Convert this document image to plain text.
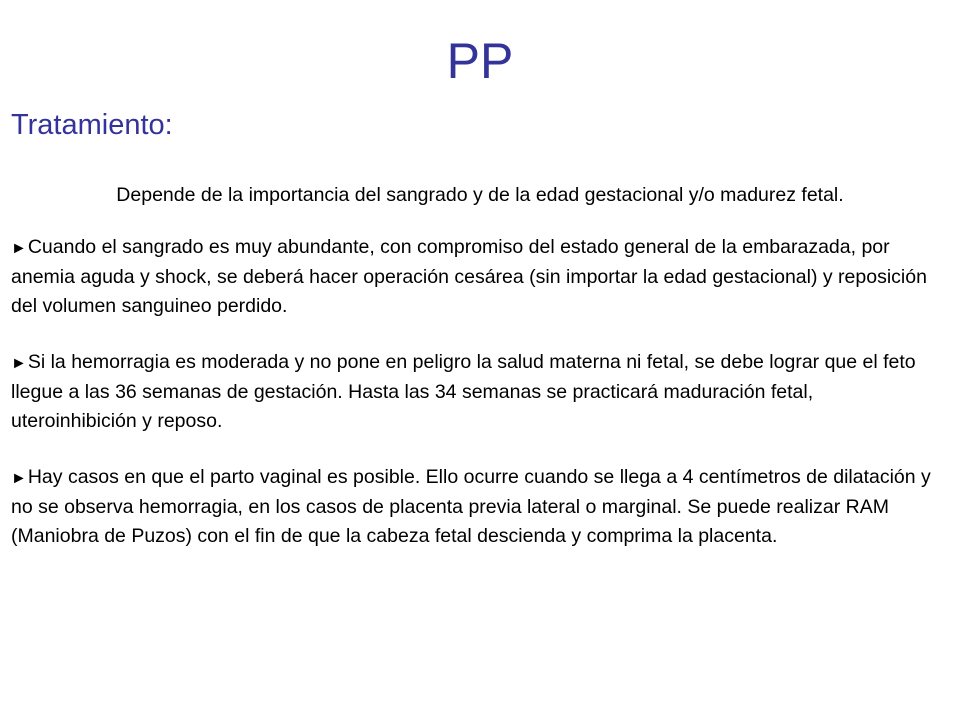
PP
Tratamiento:

Depende de la importancia del sangrado y de la edad gestacional y/o madurez fetal.

►Cuando el sangrado es muy abundante, con compromiso del estado general de la embarazada, por anemia aguda y shock, se deberá hacer operación cesárea (sin importar la edad gestacional) y reposición del volumen sanguineo perdido.
►Si la hemorragia es moderada y no pone en peligro la salud materna ni fetal, se debe lograr que el feto llegue a las 36 semanas de gestación. Hasta las 34 semanas se practicará maduración fetal, uteroinhibición y reposo.
►Hay casos en que el parto vaginal es posible. Ello ocurre cuando se llega a 4 centímetros de dilatación y no se observa hemorragia, en los casos de placenta previa lateral o marginal. Se puede realizar RAM (Maniobra de Puzos) con el fin de que la cabeza fetal descienda y comprima la placenta.
